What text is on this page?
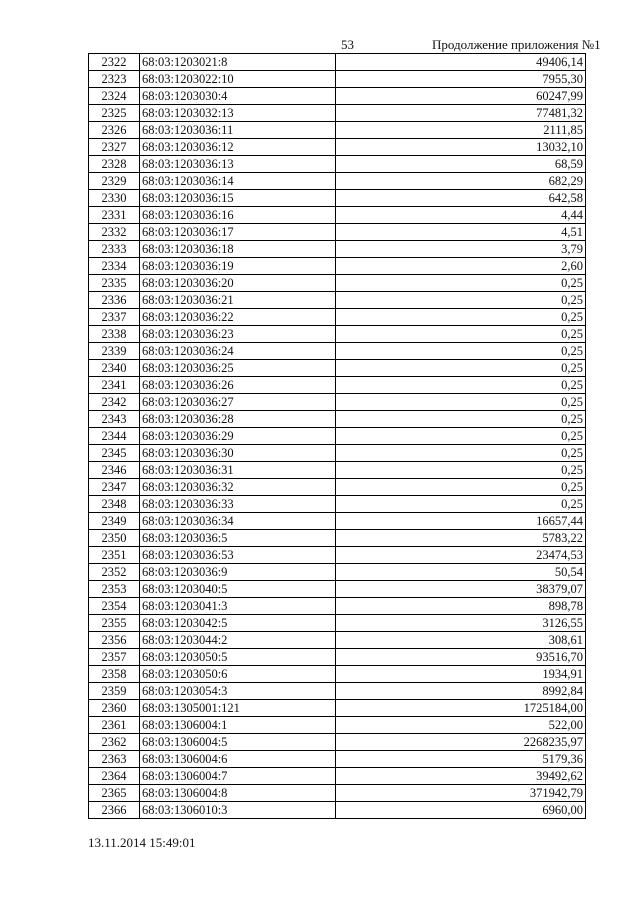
53	Продолжение приложения №1
2322	68:03:1203021:8	49406,14
2323	68:03:1203022:10	7955,30
2324	68:03:1203030:4	60247,99
2325	68:03:1203032:13	77481,32
2326	68:03:1203036:11	2111,85
2327	68:03:1203036:12	13032,10
2328	68:03:1203036:13	68,59
2329	68:03:1203036:14	682,29
2330	68:03:1203036:15	642,58
2331	68:03:1203036:16	4,44
2332	68:03:1203036:17	4,51
2333	68:03:1203036:18	3,79
2334	68:03:1203036:19	2,60
2335	68:03:1203036:20	0,25
2336	68:03:1203036:21	0,25
2337	68:03:1203036:22	0,25
2338	68:03:1203036:23	0,25
2339	68:03:1203036:24	0,25
2340	68:03:1203036:25	0,25
2341	68:03:1203036:26	0,25
2342	68:03:1203036:27	0,25
2343	68:03:1203036:28	0,25
2344	68:03:1203036:29	0,25
2345	68:03:1203036:30	0,25
2346	68:03:1203036:31	0,25
2347	68:03:1203036:32	0,25
2348	68:03:1203036:33	0,25
2349	68:03:1203036:34	16657,44
2350	68:03:1203036:5	5783,22
2351	68:03:1203036:53	23474,53
2352	68:03:1203036:9	50,54
2353	68:03:1203040:5	38379,07
2354	68:03:1203041:3	898,78
2355	68:03:1203042:5	3126,55
2356	68:03:1203044:2	308,61
2357	68:03:1203050:5	93516,70
2358	68:03:1203050:6	1934,91
2359	68:03:1203054:3	8992,84
2360	68:03:1305001:121	1725184,00
2361	68:03:1306004:1	522,00
2362	68:03:1306004:5	2268235,97
2363	68:03:1306004:6	5179,36
2364	68:03:1306004:7	39492,62
2365	68:03:1306004:8	371942,79
2366	68:03:1306010:3	6960,00
13.11.2014 15:49:01
